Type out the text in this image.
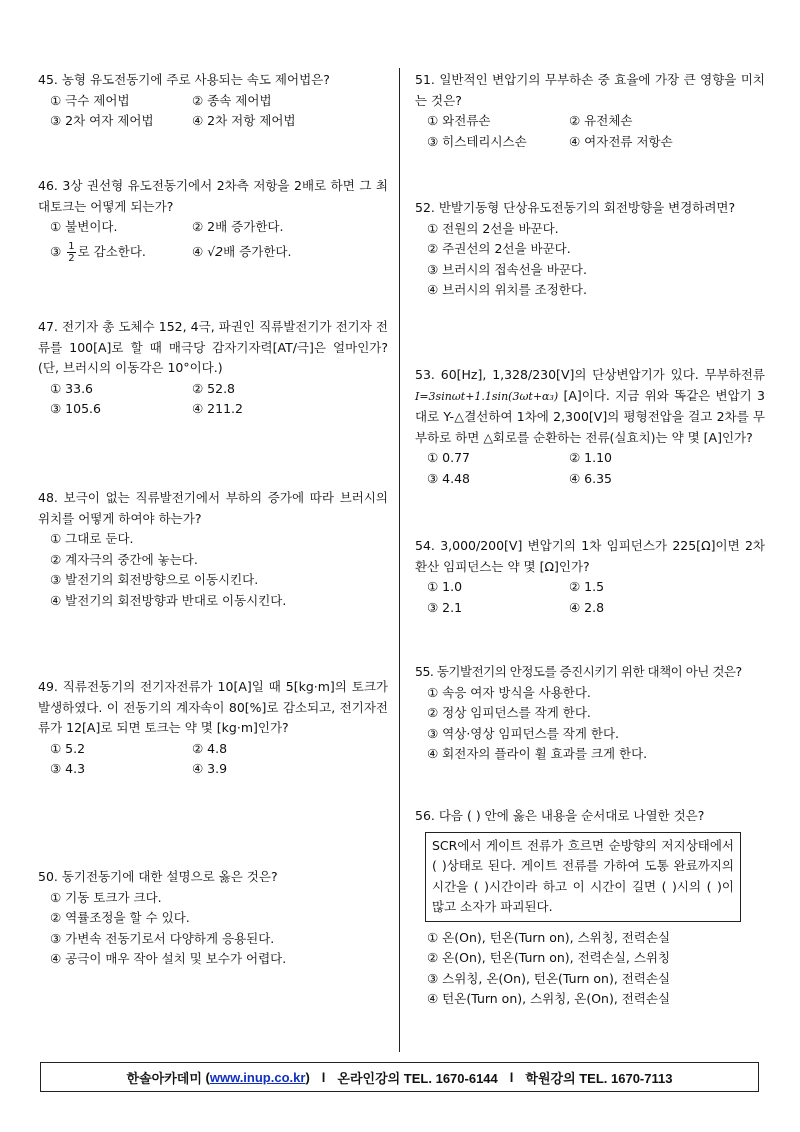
45. 농형 유도전동기에 주로 사용되는 속도 제어법은?
① 극수 제어법	② 종속 제어법
③ 2차 여자 제어법	④ 2차 저항 제어법
46. 3상 권선형 유도전동기에서 2차측 저항을 2배로 하면 그 최대토크는 어떻게 되는가?
① 불변이다.	② 2배 증가한다.
③ $\frac{1}{2}$ 로 감소한다.	④ √2배 증가한다.
47. 전기자 총 도체수 152, 4극, 파권인 직류발전기가 전기자 전류를 100[A]로 할 때 매극당 감자기자력[AT/극]은 얼마인가? (단, 브러시의 이동각은 10°이다.)
① 33.6	② 52.8
③ 105.6	④ 211.2
48. 보극이 없는 직류발전기에서 부하의 증가에 따라 브러시의 위치를 어떻게 하여야 하는가?
① 그대로 둔다.
② 계자극의 중간에 놓는다.
③ 발전기의 회전방향으로 이동시킨다.
④ 발전기의 회전방향과 반대로 이동시킨다.
49. 직류전동기의 전기자전류가 10[A]일 때 5[kg·m]의 토크가 발생하였다. 이 전동기의 계자속이 80[%]로 감소되고, 전기자전류가 12[A]로 되면 토크는 약 몇 [kg·m]인가?
① 5.2	② 4.8
③ 4.3	④ 3.9
50. 동기전동기에 대한 설명으로 옳은 것은?
① 기동 토크가 크다.
② 역률조정을 할 수 있다.
③ 가변속 전동기로서 다양하게 응용된다.
④ 공극이 매우 작아 설치 및 보수가 어렵다.
51. 일반적인 변압기의 무부하손 중 효율에 가장 큰 영향을 미치는 것은?
① 와전류손	② 유전체손
③ 히스테리시스손	④ 여자전류 저항손
52. 반발기동형 단상유도전동기의 회전방향을 변경하려면?
① 전원의 2선을 바꾼다.
② 주권선의 2선을 바꾼다.
③ 브러시의 접속선을 바꾼다.
④ 브러시의 위치를 조정한다.
53. 60[Hz], 1,328/230[V]의 단상변압기가 있다. 무부하전류 I=3sinωt+1.1sin(3ωt+α₃) [A]이다. 지금 위와 똑같은 변압기 3대로 Y-△결선하여 1차에 2,300[V]의 평형전압을 걸고 2차를 무부하로 하면 △회로를 순환하는 전류(실효치)는 약 몇 [A]인가?
① 0.77	② 1.10
③ 4.48	④ 6.35
54. 3,000/200[V] 변압기의 1차 임피던스가 225[Ω]이면 2차 환산 임피던스는 약 몇 [Ω]인가?
① 1.0	② 1.5
③ 2.1	④ 2.8
55. 동기발전기의 안정도를 증진시키기 위한 대책이 아닌 것은?
① 속응 여자 방식을 사용한다.
② 정상 임피던스를 작게 한다.
③ 역상·영상 임피던스를 작게 한다.
④ 회전자의 플라이 휠 효과를 크게 한다.
56. 다음 ( ) 안에 옳은 내용을 순서대로 나열한 것은?
SCR에서 게이트 전류가 흐르면 순방향의 저지상태에서 ( )상태로 된다. 게이트 전류를 가하여 도통 완료까지의 시간을 ( )시간이라 하고 이 시간이 길면 ( )시의 ( )이 많고 소자가 파괴된다.
① 온(On), 턴온(Turn on), 스위칭, 전력손실
② 온(On), 턴온(Turn on), 전력손실, 스위칭
③ 스위칭, 온(On), 턴온(Turn on), 전력손실
④ 턴온(Turn on), 스위칭, 온(On), 전력손실
한솔아카데미 ( www.inup.co.kr ) l 온라인강의 TEL. 1670-6144 l 학원강의 TEL. 1670-7113
